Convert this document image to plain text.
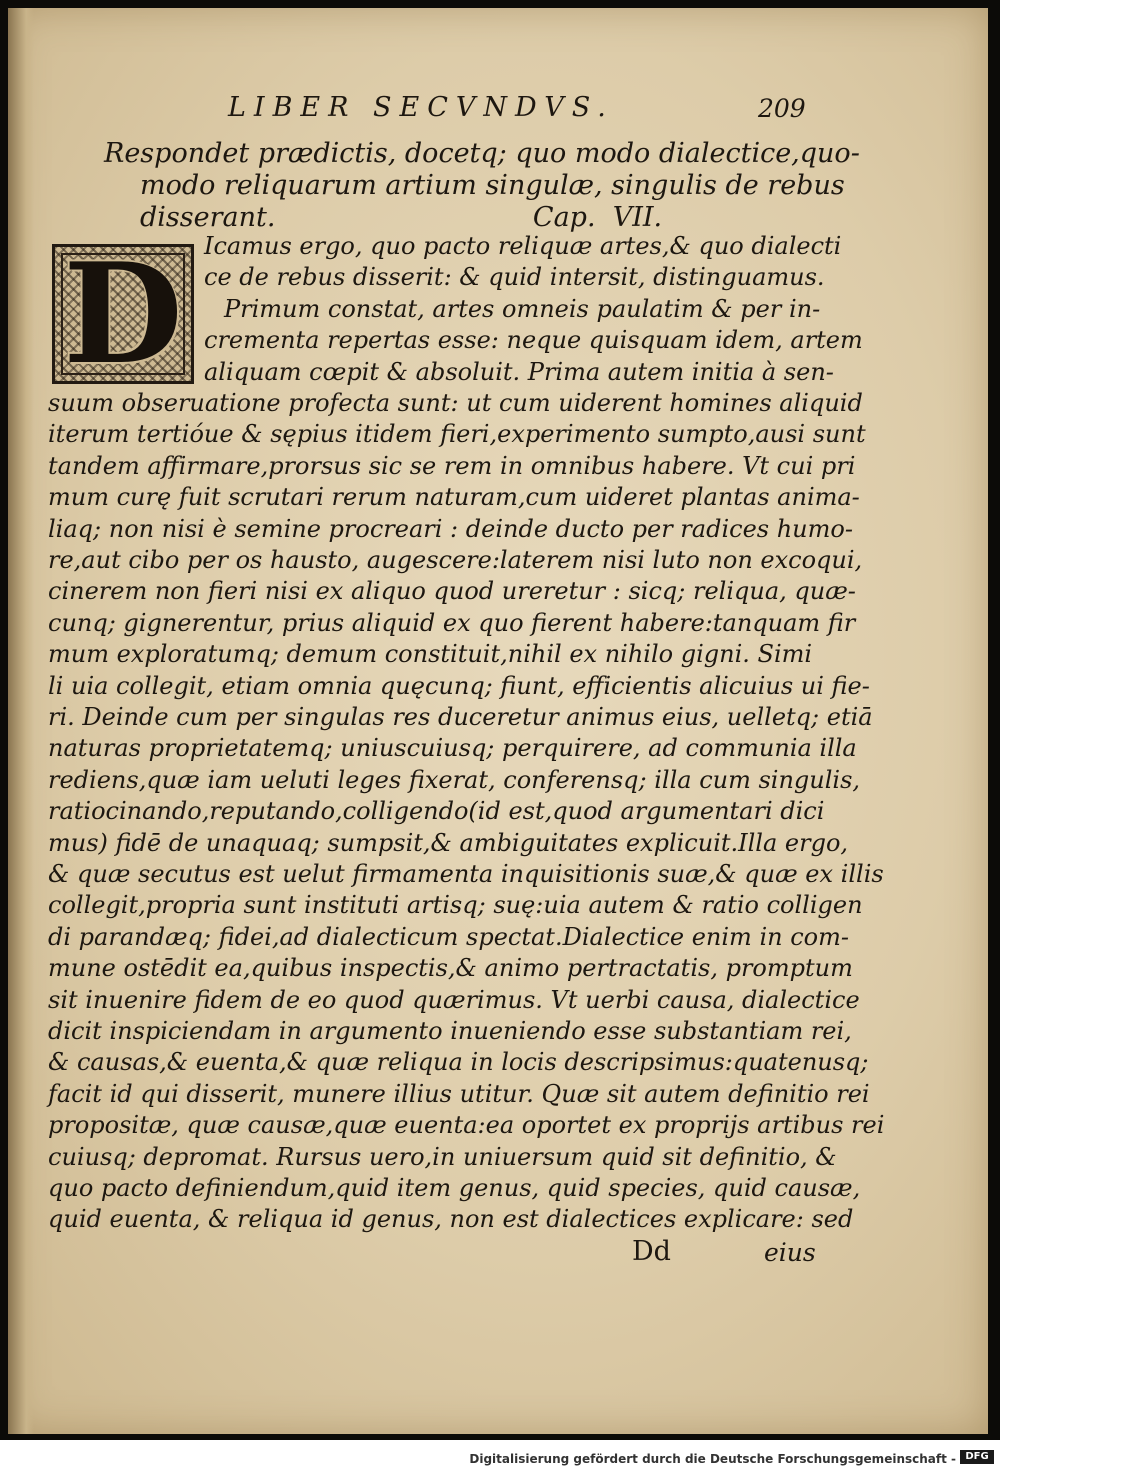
LIBER SECVNDVS.	209
Respondet prædictis, docetq; quo modo dialectice,quo-
modo reliquarum artium singulæ, singulis de rebus
disserant.                              Cap.  VII.
D Icamus ergo, quo pacto reliquæ artes,& quo dialecti
ce de rebus disserit: & quid intersit, distinguamus.
Primum constat, artes omneis paulatim & per in-
crementa repertas esse: neque quisquam idem, artem
aliquam cœpit & absoluit. Prima autem initia à sen-
suum obseruatione profecta sunt: ut cum uiderent homines aliquid
iterum tertióue & sępius itidem fieri,experimento sumpto,ausi sunt
tandem affirmare,prorsus sic se rem in omnibus habere. Vt cui pri
mum curę fuit scrutari rerum naturam,cum uideret plantas anima-
liaq; non nisi è semine procreari : deinde ducto per radices humo-
re,aut cibo per os hausto, augescere:laterem nisi luto non excoqui,
cinerem non fieri nisi ex aliquo quod ureretur : sicq; reliqua, quæ-
cunq; gignerentur, prius aliquid ex quo fierent habere:tanquam fir
mum exploratumq; demum constituit,nihil ex nihilo gigni. Simi
li uia collegit, etiam omnia quęcunq; fiunt, efficientis alicuius ui fie-
ri. Deinde cum per singulas res duceretur animus eius, uelletq; etiā
naturas proprietatemq; uniuscuiusq; perquirere, ad communia illa
rediens,quæ iam ueluti leges fixerat, conferensq; illa cum singulis,
ratiocinando,reputando,colligendo(id est,quod argumentari dici
mus) fidē de unaquaq; sumpsit,& ambiguitates explicuit.Illa ergo,
& quæ secutus est uelut firmamenta inquisitionis suæ,& quæ ex illis
collegit,propria sunt instituti artisq; suę:uia autem & ratio colligen
di parandæq; fidei,ad dialecticum spectat.Dialectice enim in com-
mune ostēdit ea,quibus inspectis,& animo pertractatis, promptum
sit inuenire fidem de eo quod quærimus. Vt uerbi causa, dialectice
dicit inspiciendam in argumento inueniendo esse substantiam rei,
& causas,& euenta,& quæ reliqua in locis descripsimus:quatenusq;
facit id qui disserit, munere illius utitur. Quæ sit autem definitio rei
propositæ, quæ causæ,quæ euenta:ea oportet ex proprijs artibus rei
cuiusq; depromat. Rursus uero,in uniuersum quid sit definitio, &
quo pacto definiendum,quid item genus, quid species, quid causæ,
quid euenta, & reliqua id genus, non est dialectices explicare: sed
Dd	eius
Digitalisierung gefördert durch die Deutsche Forschungsgemeinschaft - DFG
